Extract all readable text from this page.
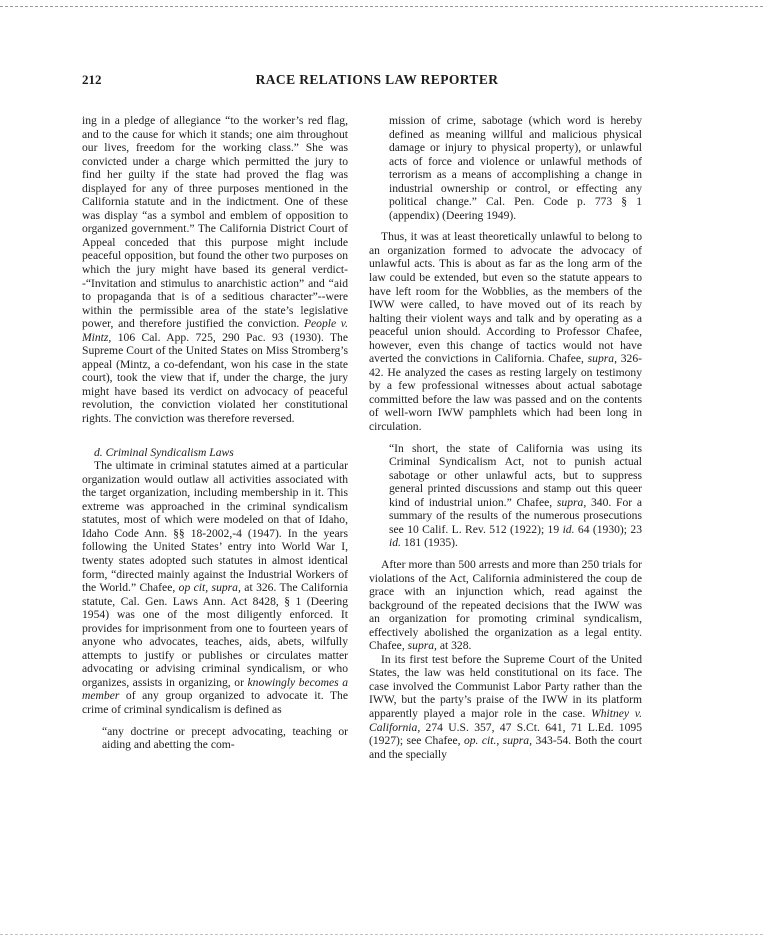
212	RACE RELATIONS LAW REPORTER

ing in a pledge of allegiance “to the worker’s red flag, and to the cause for which it stands; one aim throughout our lives, freedom for the working class.” She was convicted under a charge which permitted the jury to find her guilty if the state had proved the flag was displayed for any of three purposes mentioned in the California statute and in the indictment. One of these was display “as a symbol and emblem of opposition to organized government.” The California District Court of Appeal conceded that this purpose might include peaceful opposition, but found the other two purposes on which the jury might have based its general verdict--“Invitation and stimulus to anarchistic action” and “aid to propaganda that is of a seditious character”--were within the permissible area of the state’s legislative power, and therefore justified the conviction. People v. Mintz, 106 Cal. App. 725, 290 Pac. 93 (1930). The Supreme Court of the United States on Miss Stromberg’s appeal (Mintz, a co-defendant, won his case in the state court), took the view that if, under the charge, the jury might have based its verdict on advocacy of peaceful revolution, the conviction violated her constitutional rights. The conviction was therefore reversed.

d. Criminal Syndicalism Laws

The ultimate in criminal statutes aimed at a particular organization would outlaw all activities associated with the target organization, including membership in it. This extreme was approached in the criminal syndicalism statutes, most of which were modeled on that of Idaho, Idaho Code Ann. §§ 18-2002,-4 (1947). In the years following the United States’ entry into World War I, twenty states adopted such statutes in almost identical form, “directed mainly against the Industrial Workers of the World.” Chafee, op cit, supra, at 326. The California statute, Cal. Gen. Laws Ann. Act 8428, § 1 (Deering 1954) was one of the most diligently enforced. It provides for imprisonment from one to fourteen years of anyone who advocates, teaches, aids, abets, wilfully attempts to justify or publishes or circulates matter advocating or advising criminal syndicalism, or who organizes, assists in organizing, or knowingly becomes a member of any group organized to advocate it. The crime of criminal syndicalism is defined as

“any doctrine or precept advocating, teaching or aiding and abetting the com-

mission of crime, sabotage (which word is hereby defined as meaning willful and malicious physical damage or injury to physical property), or unlawful acts of force and violence or unlawful methods of terrorism as a means of accomplishing a change in industrial ownership or control, or effecting any political change.” Cal. Pen. Code p. 773 § 1 (appendix) (Deering 1949).

Thus, it was at least theoretically unlawful to belong to an organization formed to advocate the advocacy of unlawful acts. This is about as far as the long arm of the law could be extended, but even so the statute appears to have left room for the Wobblies, as the members of the IWW were called, to have moved out of its reach by halting their violent ways and talk and by operating as a peaceful union should. According to Professor Chafee, however, even this change of tactics would not have averted the convictions in California. Chafee, supra, 326-42. He analyzed the cases as resting largely on testimony by a few professional witnesses about actual sabotage committed before the law was passed and on the contents of well-worn IWW pamphlets which had been long in circulation.

“In short, the state of California was using its Criminal Syndicalism Act, not to punish actual sabotage or other unlawful acts, but to suppress general printed discussions and stamp out this queer kind of industrial union.” Chafee, supra, 340. For a summary of the results of the numerous prosecutions see 10 Calif. L. Rev. 512 (1922); 19 id. 64 (1930); 23 id. 181 (1935).

After more than 500 arrests and more than 250 trials for violations of the Act, California administered the coup de grace with an injunction which, read against the background of the repeated decisions that the IWW was an organization for promoting criminal syndicalism, effectively abolished the organization as a legal entity. Chafee, supra, at 328.

In its first test before the Supreme Court of the United States, the law was held constitutional on its face. The case involved the Communist Labor Party rather than the IWW, but the party’s praise of the IWW in its platform apparently played a major role in the case. Whitney v. California, 274 U.S. 357, 47 S.Ct. 641, 71 L.Ed. 1095 (1927); see Chafee, op. cit., supra, 343-54. Both the court and the specially
